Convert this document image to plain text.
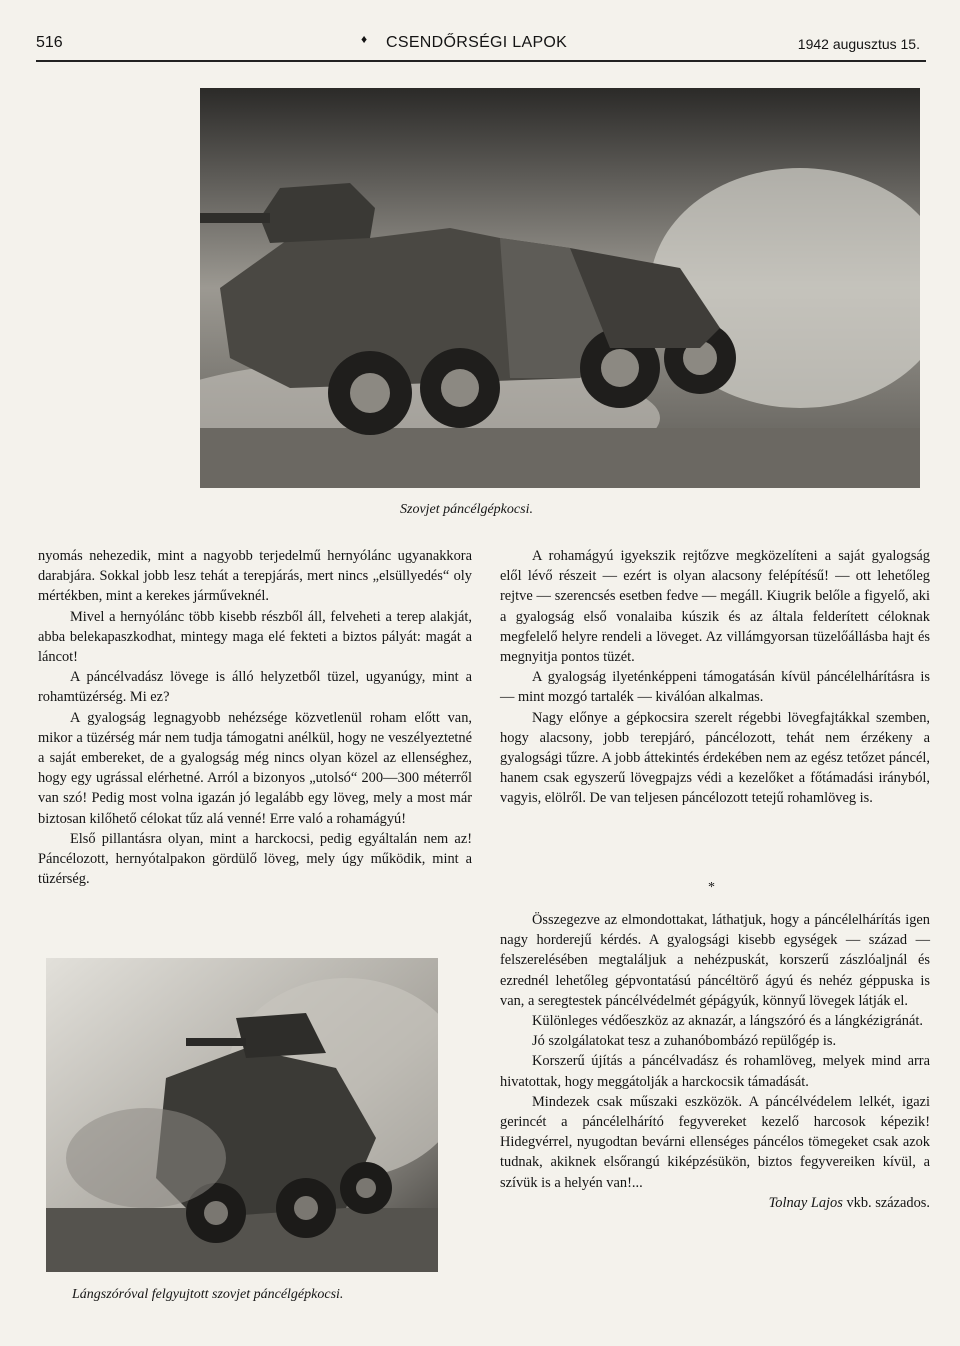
516	♦ CSENDŐRSÉGI LAPOK	1942 augusztus 15.
Szovjet páncélgépkocsi.

nyomás nehezedik, mint a nagyobb terjedelmű hernyólánc ugyanakkora darabjára. Sokkal jobb lesz tehát a terepjárás, mert nincs „elsüllyedés“ oly mértékben, mint a kerekes járműveknél.

Mivel a hernyólánc több kisebb részből áll, felveheti a terep alakját, abba belekapaszkodhat, mintegy maga elé fekteti a biztos pályát: magát a láncot!

A páncélvadász lövege is álló helyzetből tüzel, ugyanúgy, mint a rohamtüzérség. Mi ez?

A gyalogság legnagyobb nehézsége közvetlenül roham előtt van, mikor a tüzérség már nem tudja támogatni anélkül, hogy ne veszélyeztetné a saját embereket, de a gyalogság még nincs olyan közel az ellenséghez, hogy egy ugrással elérhetné. Arról a bizonyos „utolsó“ 200—300 méterről van szó! Pedig most volna igazán jó legalább egy löveg, mely a most már biztosan kilőhető célokat tűz alá venné! Erre való a rohamágyú!

Első pillantásra olyan, mint a harckocsi, pedig egyáltalán nem az! Páncélozott, hernyótalpakon gördülő löveg, mely úgy működik, mint a tüzérség.

A rohamágyú igyekszik rejtőzve megközelíteni a saját gyalogság elől lévő részeit — ezért is olyan alacsony felépítésű! — ott lehetőleg rejtve — szerencsés esetben fedve — megáll. Kiugrik belőle a figyelő, aki a gyalogság első vonalaiba kúszik és az általa felderített céloknak megfelelő helyre rendeli a löveget. Az villámgyorsan tüzelőállásba hajt és megnyitja pontos tüzét.

A gyalogság ilyeténképpeni támogatásán kívül páncélelhárításra is — mint mozgó tartalék — kiválóan alkalmas.

Nagy előnye a gépkocsira szerelt régebbi lövegfajtákkal szemben, hogy alacsony, jobb terepjáró, páncélozott, tehát nem érzékeny a gyalogsági tűzre. A jobb áttekintés érdekében nem az egész tetőzet páncél, hanem csak egyszerű lövegpajzs védi a kezelőket a főtámadási irányból, vagyis, elölről. De van teljesen páncélozott tetejű rohamlöveg is.

*

Összegezve az elmondottakat, láthatjuk, hogy a páncélelhárítás igen nagy horderejű kérdés. A gyalogsági kisebb egységek — század — felszerelésében megtaláljuk a nehézpuskát, korszerű zászlóaljnál és ezrednél lehetőleg gépvontatású páncéltörő ágyú és nehéz géppuska is van, a seregtestek páncélvédelmét gépágyúk, könnyű lövegek látják el.

Különleges védőeszköz az aknazár, a lángszóró és a lángkézigránát.

Jó szolgálatokat tesz a zuhanóbombázó repülőgép is.

Korszerű újítás a páncélvadász és rohamlöveg, melyek mind arra hivatottak, hogy meggátolják a harckocsik támadását.

Mindezek csak műszaki eszközök. A páncélvédelem lelkét, igazi gerincét a páncélelhárító fegyvereket kezelő harcosok képezik! Hidegvérrel, nyugodtan bevárni ellenséges páncélos tömegeket csak azok tudnak, akiknek elsőrangú kiképzésükön, biztos fegyvereiken kívül, a szívük is a helyén van!...

Tolnay Lajos vkb. százados.
Lángszóróval felgyujtott szovjet páncélgépkocsi.
